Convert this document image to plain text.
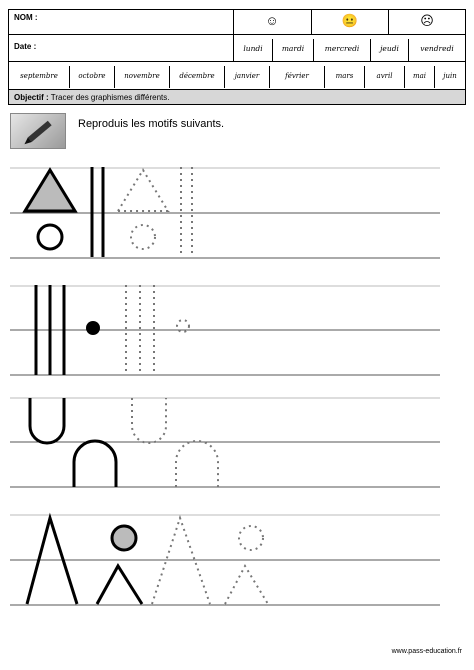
NOM :
Date :
☺	😐	☹
lundi	mardi	mercredi	jeudi	vendredi
septembre	octobre	novembre	décembre	janvier	février	mars	avril	mai	juin
Objectif : Tracer des graphismes différents.
Reproduis les motifs suivants.
www.pass-education.fr
